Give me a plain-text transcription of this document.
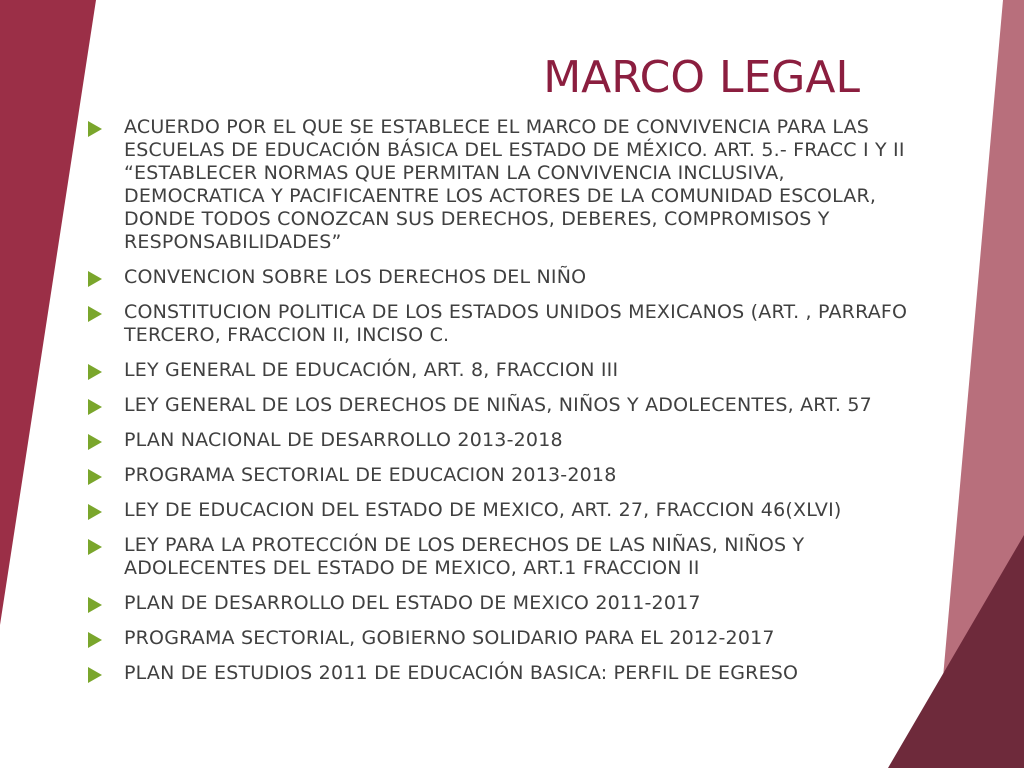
MARCO LEGAL
ACUERDO POR EL QUE SE ESTABLECE EL MARCO DE CONVIVENCIA PARA LAS ESCUELAS DE EDUCACIÓN BÁSICA DEL ESTADO DE MÉXICO. ART. 5.- FRACC I Y II “ESTABLECER NORMAS QUE PERMITAN LA CONVIVENCIA INCLUSIVA, DEMOCRATICA Y PACIFICAENTRE LOS ACTORES DE LA COMUNIDAD ESCOLAR, DONDE TODOS CONOZCAN SUS DERECHOS, DEBERES, COMPROMISOS Y RESPONSABILIDADES”
CONVENCION SOBRE LOS DERECHOS DEL NIÑO
CONSTITUCION POLITICA DE LOS ESTADOS UNIDOS MEXICANOS (ART. , PARRAFO TERCERO, FRACCION II, INCISO C.
LEY GENERAL DE EDUCACIÓN, ART. 8, FRACCION III
LEY GENERAL DE LOS DERECHOS DE NIÑAS, NIÑOS Y ADOLECENTES, ART. 57
PLAN NACIONAL DE DESARROLLO 2013-2018
PROGRAMA SECTORIAL DE EDUCACION 2013-2018
LEY DE EDUCACION DEL ESTADO DE MEXICO, ART. 27, FRACCION 46(XLVI)
LEY PARA LA PROTECCIÓN DE LOS DERECHOS DE LAS NIÑAS, NIÑOS Y ADOLECENTES DEL ESTADO DE MEXICO, ART.1 FRACCION II
PLAN DE DESARROLLO DEL ESTADO DE MEXICO 2011-2017
PROGRAMA SECTORIAL, GOBIERNO SOLIDARIO PARA EL 2012-2017
PLAN DE ESTUDIOS 2011 DE EDUCACIÓN BASICA: PERFIL DE EGRESO
